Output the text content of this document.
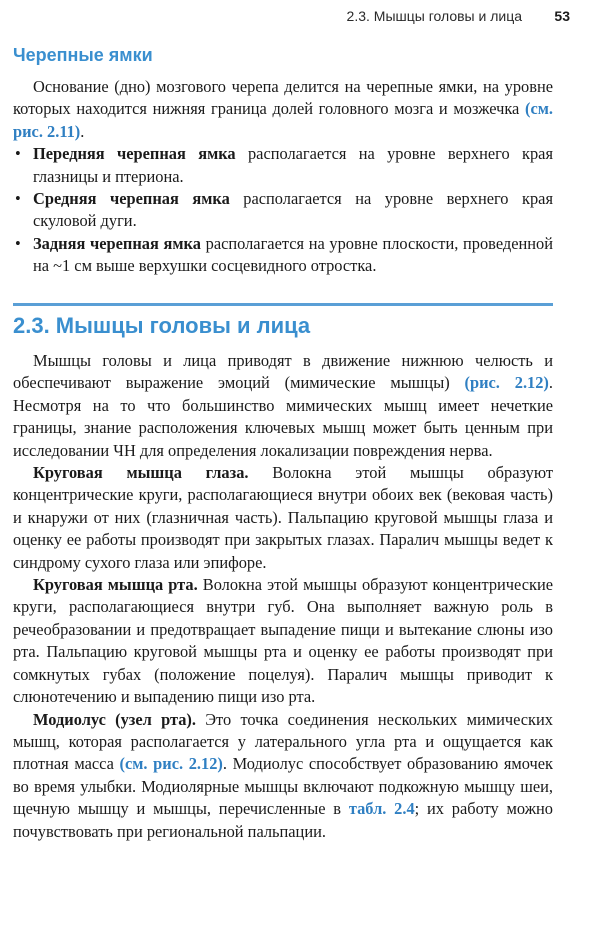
2.3. Мышцы головы и лица 53
Черепные ямки

Основание (дно) мозгового черепа делится на черепные ямки, на уровне которых находится нижняя граница долей головного мозга и мозжечка (см. рис. 2.11).

• Передняя черепная ямка располагается на уровне верхнего края глазницы и птериона.
• Средняя черепная ямка располагается на уровне верхнего края скуловой дуги.
• Задняя черепная ямка располагается на уровне плоскости, проведенной на ~1 см выше верхушки сосцевидного отростка.
2.3. Мышцы головы и лица

Мышцы головы и лица приводят в движение нижнюю челюсть и обеспечивают выражение эмоций (мимические мышцы) (рис. 2.12). Несмотря на то что большинство мимических мышц имеет нечеткие границы, знание расположения ключевых мышц может быть ценным при исследовании ЧН для определения локализации повреждения нерва.

Круговая мышца глаза. Волокна этой мышцы образуют концентрические круги, располагающиеся внутри обоих век (вековая часть) и кнаружи от них (глазничная часть). Пальпацию круговой мышцы глаза и оценку ее работы производят при закрытых глазах. Паралич мышцы ведет к синдрому сухого глаза или эпифоре.

Круговая мышца рта. Волокна этой мышцы образуют концентрические круги, располагающиеся внутри губ. Она выполняет важную роль в речеобразовании и предотвращает выпадение пищи и вытекание слюны изо рта. Пальпацию круговой мышцы рта и оценку ее работы производят при сомкнутых губах (положение поцелуя). Паралич мышцы приводит к слюнотечению и выпадению пищи изо рта.

Модиолус (узел рта). Это точка соединения нескольких мимических мышц, которая располагается у латерального угла рта и ощущается как плотная масса (см. рис. 2.12). Модиолус способствует образованию ямочек во время улыбки. Модиолярные мышцы включают подкожную мышцу шеи, щечную мышцу и мышцы, перечисленные в табл. 2.4; их работу можно почувствовать при региональной пальпации.
